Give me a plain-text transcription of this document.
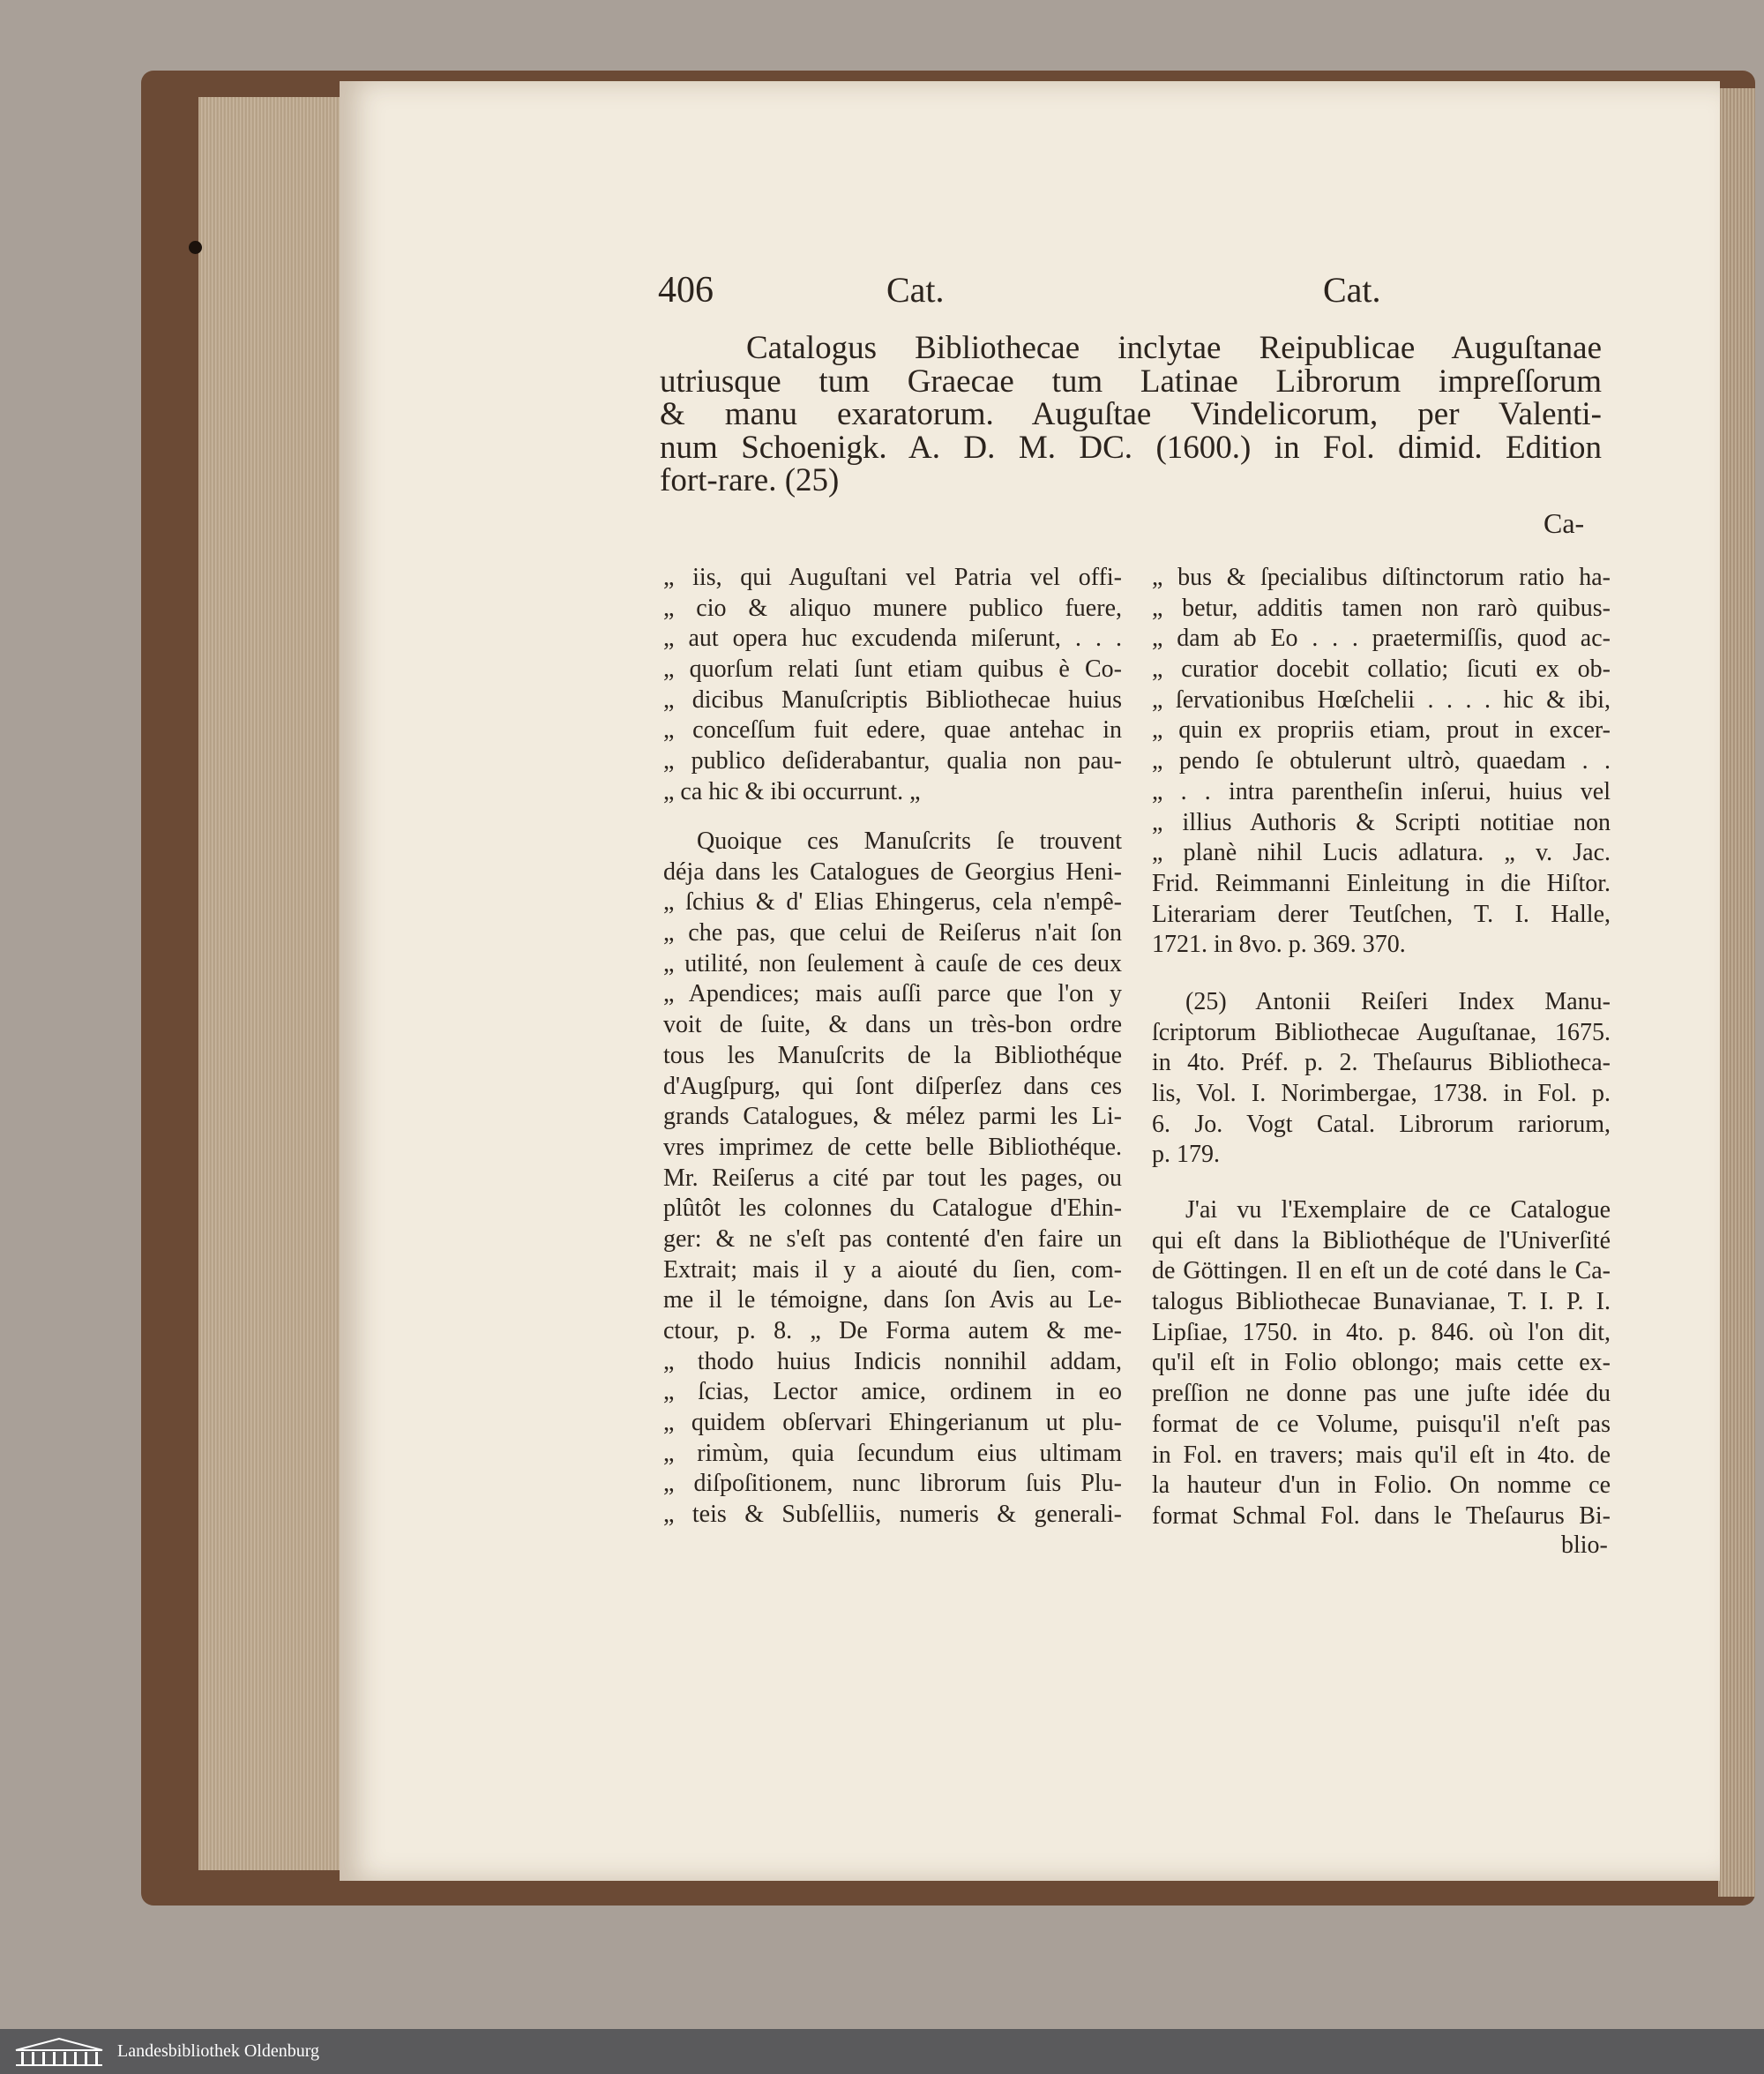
406	Cat.	Cat.
Catalogus Bibliothecae inclytae Reipublicae Auguſtanae
utriusque tum Graecae tum Latinae Librorum impreſſorum
& manu exaratorum. Auguſtae Vindelicorum, per Valenti-
num Schoenigk. A. D. M. DC. (1600.) in Fol. dimid. Edition
fort-rare. (25)
Ca-
„ iis, qui Auguſtani vel Patria vel offi-
„ cio & aliquo munere publico fuere,
„ aut opera huc excudenda miſerunt, . . .
„ quorſum relati ſunt etiam quibus è Co-
„ dicibus Manuſcriptis Bibliothecae huius
„ conceſſum fuit edere, quae antehac in
„ publico deſiderabantur, qualia non pau-
„ ca hic & ibi occurrunt. „
Quoique ces Manuſcrits ſe trouvent
déja dans les Catalogues de Georgius Heni-
„ ſchius & d' Elias Ehingerus, cela n'empê-
„ che pas, que celui de Reiſerus n'ait ſon
„ utilité, non ſeulement à cauſe de ces deux
„ Apendices; mais auſſi parce que l'on y
voit de ſuite, & dans un très-bon ordre
tous les Manuſcrits de la Bibliothéque
d'Augſpurg, qui ſont diſperſez dans ces
grands Catalogues, & mélez parmi les Li-
vres imprimez de cette belle Bibliothéque.
Mr. Reiſerus a cité par tout les pages, ou
plûtôt les colonnes du Catalogue d'Ehin-
ger: & ne s'eſt pas contenté d'en faire un
Extrait; mais il y a aiouté du ſien, com-
me il le témoigne, dans ſon Avis au Le-
ctour, p. 8. „ De Forma autem & me-
„ thodo huius Indicis nonnihil addam,
„ ſcias, Lector amice, ordinem in eo
„ quidem obſervari Ehingerianum ut plu-
„ rimùm, quia ſecundum eius ultimam
„ diſpoſitionem, nunc librorum ſuis Plu-
„ teis & Subſelliis, numeris & generali-
„ bus & ſpecialibus diſtinctorum ratio ha-
„ betur, additis tamen non rarò quibus-
„ dam ab Eo . . . praetermiſſis, quod ac-
„ curatior docebit collatio; ſicuti ex ob-
„ ſervationibus Hœſchelii . . . . hic & ibi,
„ quin ex propriis etiam, prout in excer-
„ pendo ſe obtulerunt ultrò, quaedam . .
„ . . intra parentheſin inſerui, huius vel
„ illius Authoris & Scripti notitiae non
„ planè nihil Lucis adlatura. „ v. Jac.
Frid. Reimmanni Einleitung in die Hiſtor.
Literariam derer Teutſchen, T. I. Halle,
1721. in 8vo. p. 369. 370.
(25) Antonii Reiſeri Index Manu-
ſcriptorum Bibliothecae Auguſtanae, 1675.
in 4to. Préf. p. 2. Theſaurus Bibliotheca-
lis, Vol. I. Norimbergae, 1738. in Fol. p.
6. Jo. Vogt Catal. Librorum rariorum,
p. 179.
J'ai vu l'Exemplaire de ce Catalogue
qui eſt dans la Bibliothéque de l'Univerſité
de Göttingen. Il en eſt un de coté dans le Ca-
talogus Bibliothecae Bunavianae, T. I. P. I.
Lipſiae, 1750. in 4to. p. 846. où l'on dit,
qu'il eſt in Folio oblongo; mais cette ex-
preſſion ne donne pas une juſte idée du
format de ce Volume, puisqu'il n'eſt pas
in Fol. en travers; mais qu'il eſt in 4to. de
la hauteur d'un in Folio. On nomme ce
format Schmal Fol. dans le Theſaurus Bi-
blio-
Landesbibliothek Oldenburg
